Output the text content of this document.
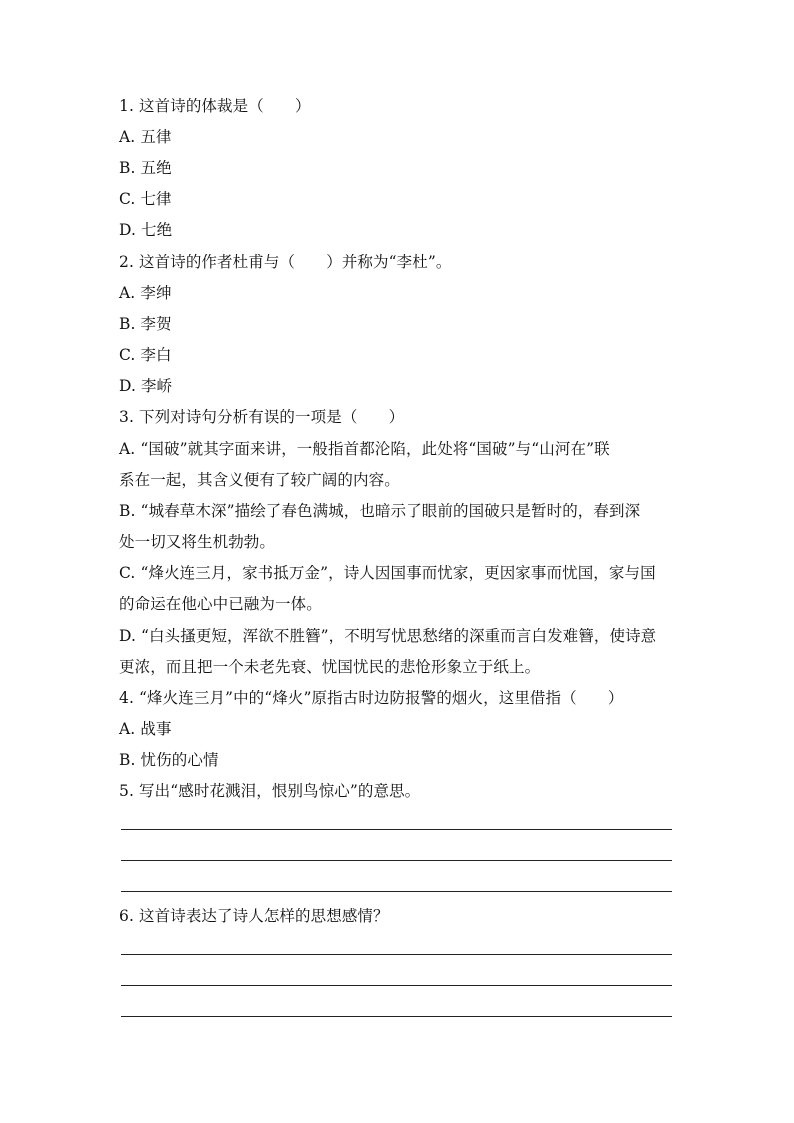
1. 这首诗的体裁是（　　）
A. 五律
B. 五绝
C. 七律
D. 七绝
2. 这首诗的作者杜甫与（　　）并称为“李杜”。
A. 李绅
B. 李贺
C. 李白
D. 李峤
3. 下列对诗句分析有误的一项是（　　）
A. “国破”就其字面来讲，一般指首都沦陷，此处将“国破”与“山河在”联
系在一起，其含义便有了较广阔的内容。
B. “城春草木深”描绘了春色满城，也暗示了眼前的国破只是暂时的，春到深
处一切又将生机勃勃。
C. “烽火连三月，家书抵万金”，诗人因国事而忧家，更因家事而忧国，家与国
的命运在他心中已融为一体。
D. “白头搔更短，浑欲不胜簪”，不明写忧思愁绪的深重而言白发难簪，使诗意
更浓，而且把一个未老先衰、忧国忧民的悲怆形象立于纸上。
4. “烽火连三月”中的“烽火”原指古时边防报警的烟火，这里借指（　　）
A. 战事
B. 忧伤的心情
5. 写出“感时花溅泪，恨别鸟惊心”的意思。
6. 这首诗表达了诗人怎样的思想感情？
